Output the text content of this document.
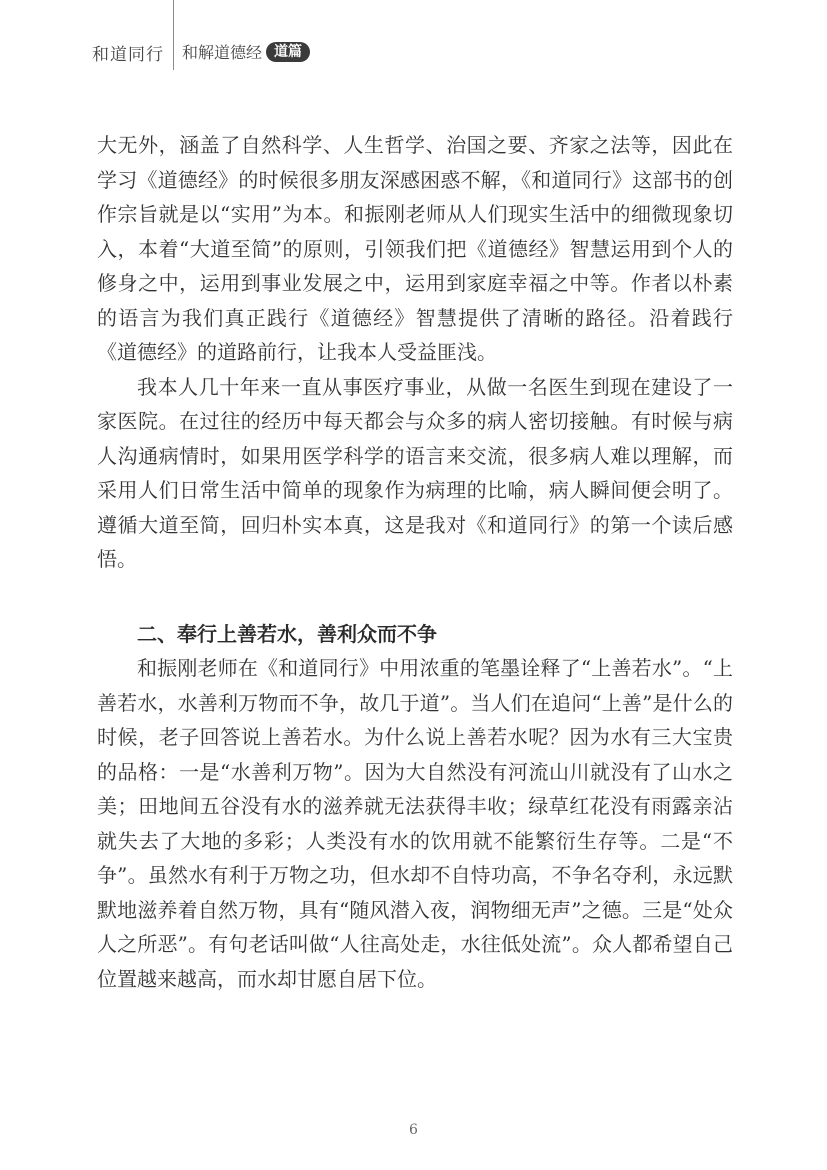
和道同行 和解道德经 道篇

大无外，涵盖了自然科学、人生哲学、治国之要、齐家之法等，因此在学习《道德经》的时候很多朋友深感困惑不解，《和道同行》这部书的创作宗旨就是以“实用”为本。和振刚老师从人们现实生活中的细微现象切入，本着“大道至简”的原则，引领我们把《道德经》智慧运用到个人的修身之中，运用到事业发展之中，运用到家庭幸福之中等。作者以朴素的语言为我们真正践行《道德经》智慧提供了清晰的路径。沿着践行《道德经》的道路前行，让我本人受益匪浅。

我本人几十年来一直从事医疗事业，从做一名医生到现在建设了一家医院。在过往的经历中每天都会与众多的病人密切接触。有时候与病人沟通病情时，如果用医学科学的语言来交流，很多病人难以理解，而采用人们日常生活中简单的现象作为病理的比喻，病人瞬间便会明了。遵循大道至简，回归朴实本真，这是我对《和道同行》的第一个读后感悟。

二、奉行上善若水，善利众而不争

和振刚老师在《和道同行》中用浓重的笔墨诠释了“上善若水”。“上善若水，水善利万物而不争，故几于道”。当人们在追问“上善”是什么的时候，老子回答说上善若水。为什么说上善若水呢？因为水有三大宝贵的品格：一是“水善利万物”。因为大自然没有河流山川就没有了山水之美；田地间五谷没有水的滋养就无法获得丰收；绿草红花没有雨露亲沾就失去了大地的多彩；人类没有水的饮用就不能繁衍生存等。二是“不争”。虽然水有利于万物之功，但水却不自恃功高，不争名夺利，永远默默地滋养着自然万物，具有“随风潜入夜，润物细无声”之德。三是“处众人之所恶”。有句老话叫做“人往高处走，水往低处流”。众人都希望自己位置越来越高，而水却甘愿自居下位。

6
